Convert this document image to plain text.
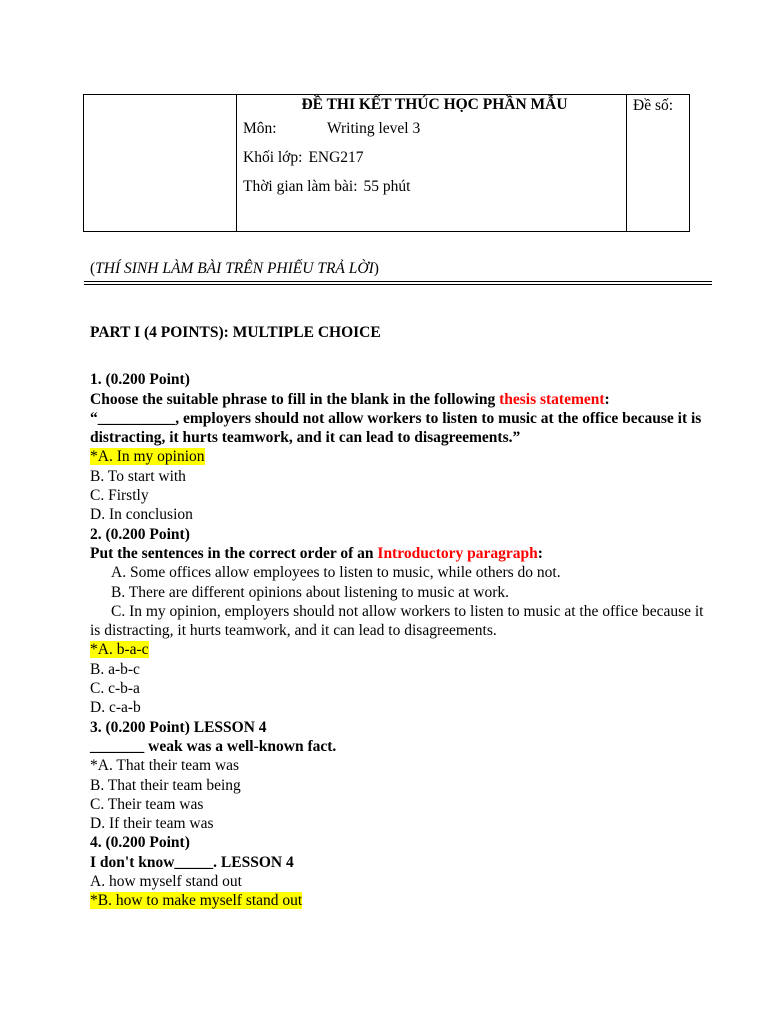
ĐỀ THI KẾT THÚC HỌC PHẦN MẪU
Môn:	Writing level 3
Khối lớp: ENG217
Thời gian làm bài: 55 phút
	Đề số:
(THÍ SINH LÀM BÀI TRÊN PHIẾU TRẢ LỜI)
PART I (4 POINTS): MULTIPLE CHOICE
1. (0.200 Point)
Choose the suitable phrase to fill in the blank in the following thesis statement:
“__________, employers should not allow workers to listen to music at the office because it is distracting, it hurts teamwork, and it can lead to disagreements.”
*A. In my opinion
B. To start with
C. Firstly
D. In conclusion
2. (0.200 Point)
Put the sentences in the correct order of an Introductory paragraph:
A. Some offices allow employees to listen to music, while others do not.
B. There are different opinions about listening to music at work.
C. In my opinion, employers should not allow workers to listen to music at the office because it is distracting, it hurts teamwork, and it can lead to disagreements.
*A. b-a-c
B. a-b-c
C. c-b-a
D. c-a-b
3. (0.200 Point) LESSON 4
_______ weak was a well-known fact.
*A. That their team was
B. That their team being
C. Their team was
D. If their team was
4. (0.200 Point)
I don't know_____. LESSON 4
A. how myself stand out
*B. how to make myself stand out
